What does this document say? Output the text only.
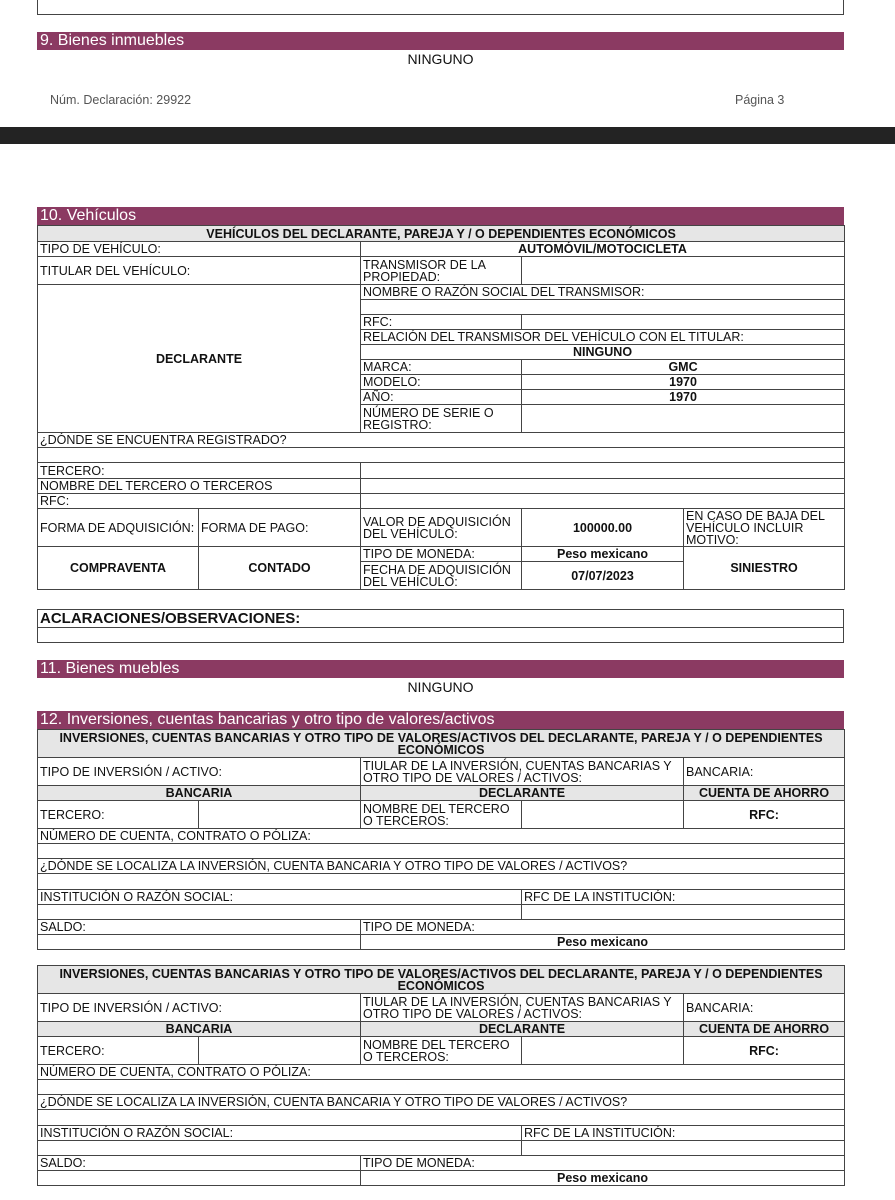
9. Bienes inmuebles
NINGUNO
Núm. Declaración: 29922	Página 3
10. Vehículos
VEHÍCULOS DEL DECLARANTE, PAREJA Y / O DEPENDIENTES ECONÓMICOS				
TIPO DE VEHÍCULO:		AUTOMÓVIL/MOTOCICLETA		
TITULAR DEL VEHÍCULO:		TRANSMISOR DE LA PROPIEDAD:		
DECLARANTE		NOMBRE O RAZÓN SOCIAL DEL TRANSMISOR:		

		RFC:		
		RELACIÓN DEL TRANSMISOR DEL VEHÍCULO CON EL TITULAR:		
		NINGUNO		
		MARCA:	GMC	
		MODELO:	1970	
		AÑO:	1970	
		NÚMERO DE SERIE O REGISTRO:		

¿DÓNDE SE ENCUENTRA REGISTRADO?				

TERCERO:				
NOMBRE DEL TERCERO O TERCEROS				
RFC:				
FORMA DE ADQUISICIÓN:	FORMA DE PAGO:	VALOR DE ADQUISICIÓN DEL VEHÍCULO:	100000.00	EN CASO DE BAJA DEL VEHÍCULO INCLUIR MOTIVO:
COMPRAVENTA	CONTADO	TIPO DE MONEDA:	Peso mexicano	SINIESTRO
		FECHA DE ADQUISICIÓN DEL VEHÍCULO:	07/07/2023	
ACLARACIONES/OBSERVACIONES:

11. Bienes muebles
NINGUNO
12. Inversiones, cuentas bancarias y otro tipo de valores/activos
INVERSIONES, CUENTAS BANCARIAS Y OTRO TIPO DE VALORES/ACTIVOS DEL DECLARANTE, PAREJA Y / O DEPENDIENTES ECONÓMICOS				
TIPO DE INVERSIÓN / ACTIVO:		TIULAR DE LA INVERSIÓN, CUENTAS BANCARIAS Y OTRO TIPO DE VALORES / ACTIVOS:		BANCARIA:
BANCARIA		DECLARANTE		CUENTA DE AHORRO
TERCERO:		NOMBRE DEL TERCERO O TERCEROS:		RFC:
NÚMERO DE CUENTA, CONTRATO O PÓLIZA:				

¿DÓNDE SE LOCALIZA LA INVERSIÓN, CUENTA BANCARIA Y OTRO TIPO DE VALORES / ACTIVOS?				

INSTITUCIÓN O RAZÓN SOCIAL:			RFC DE LA INSTITUCIÓN:	

SALDO:		TIPO DE MONEDA:		
		Peso mexicano		
INVERSIONES, CUENTAS BANCARIAS Y OTRO TIPO DE VALORES/ACTIVOS DEL DECLARANTE, PAREJA Y / O DEPENDIENTES ECONÓMICOS				
TIPO DE INVERSIÓN / ACTIVO:		TIULAR DE LA INVERSIÓN, CUENTAS BANCARIAS Y OTRO TIPO DE VALORES / ACTIVOS:		BANCARIA:
BANCARIA		DECLARANTE		CUENTA DE AHORRO
TERCERO:		NOMBRE DEL TERCERO O TERCEROS:		RFC:
NÚMERO DE CUENTA, CONTRATO O PÓLIZA:				

¿DÓNDE SE LOCALIZA LA INVERSIÓN, CUENTA BANCARIA Y OTRO TIPO DE VALORES / ACTIVOS?				

INSTITUCIÓN O RAZÓN SOCIAL:			RFC DE LA INSTITUCIÓN:	

SALDO:		TIPO DE MONEDA:		
		Peso mexicano		
